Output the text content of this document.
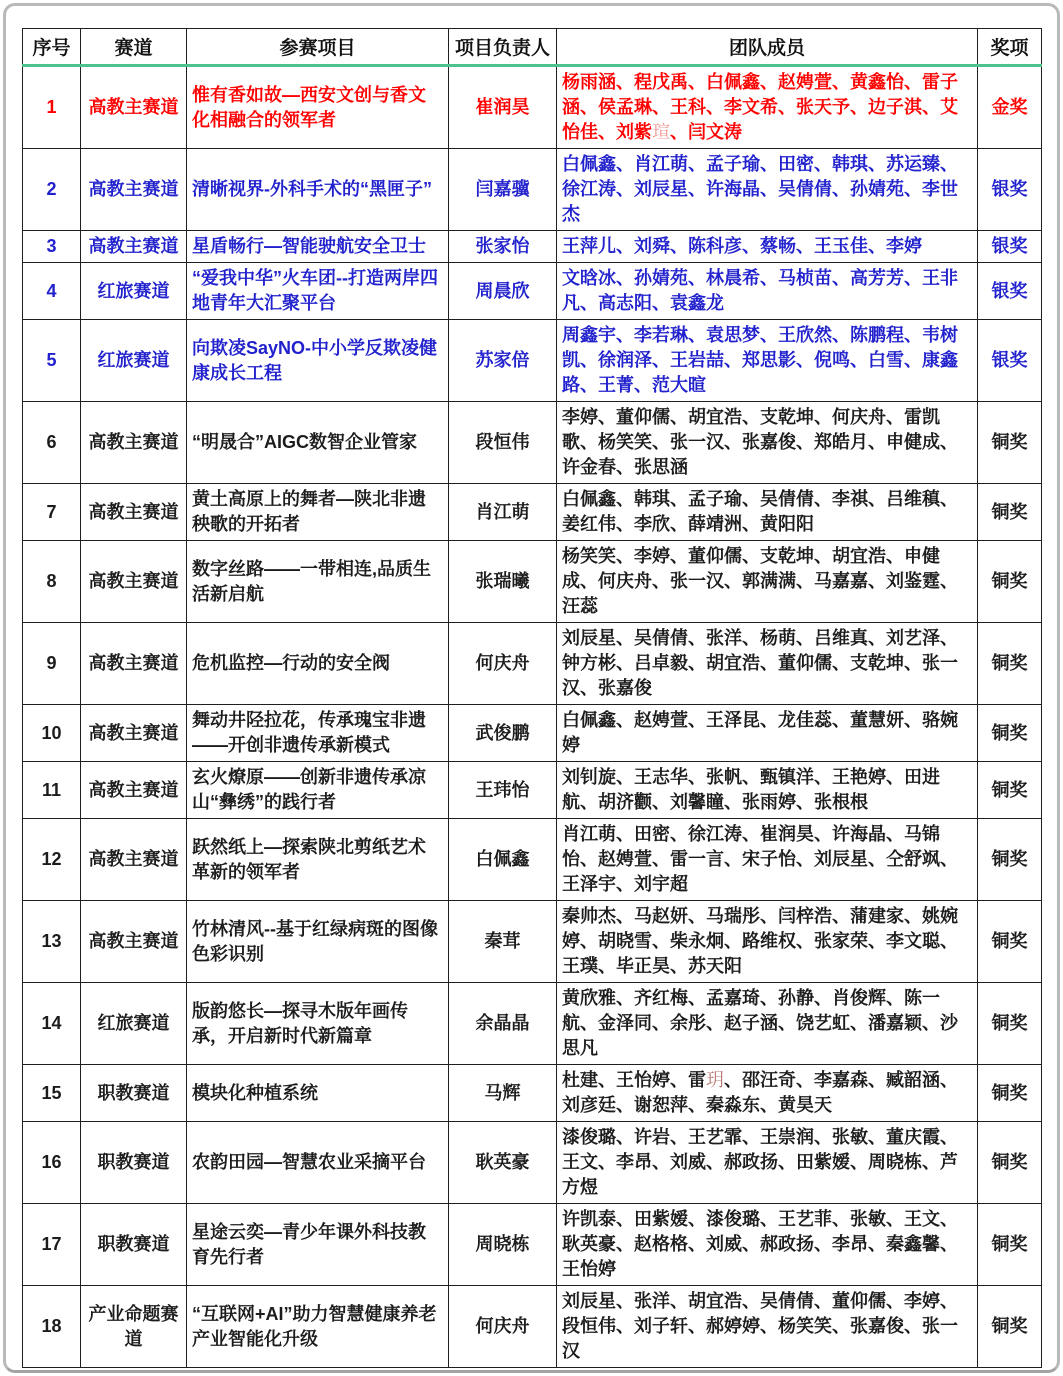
序号	赛道	参赛项目	项目负责人	团队成员	奖项
1	高教主赛道	惟有香如故—西安文创与香文化相融合的领军者	崔润昊	杨雨涵、程戊禹、白佩鑫、赵娉萱、黄鑫怡、雷子涵、侯孟琳、王科、李文希、张天予、边子淇、艾怡佳、刘紫瑄、闫文涛	金奖
2	高教主赛道	清晰视界-外科手术的“黑匣子”	闫嘉骥	白佩鑫、肖江萌、孟子瑜、田密、韩琪、苏运臻、徐江涛、刘辰星、许海晶、吴倩倩、孙婧苑、李世杰	银奖
3	高教主赛道	星盾畅行—智能驶航安全卫士	张家怡	王萍儿、刘舜、陈科彦、蔡畅、王玉佳、李婷	银奖
4	红旅赛道	“爱我中华”火车团--打造两岸四地青年大汇聚平台	周晨欣	文晗冰、孙婧苑、林晨希、马桢苗、高芳芳、王非凡、高志阳、袁鑫龙	银奖
5	红旅赛道	向欺凌SayNO-中小学反欺凌健康成长工程	苏家倍	周鑫宇、李若琳、袁思梦、王欣然、陈鹏程、韦树凯、徐润泽、王岩喆、郑思影、倪鸣、白雪、康鑫路、王菁、范大暄	银奖
6	高教主赛道	“明晟合”AIGC数智企业管家	段恒伟	李婷、董仰儒、胡宜浩、支乾坤、何庆舟、雷凯歌、杨笑笑、张一汉、张嘉俊、郑皓月、申健成、许金春、张思涵	铜奖
7	高教主赛道	黄土高原上的舞者—陕北非遗秧歌的开拓者	肖江萌	白佩鑫、韩琪、孟子瑜、吴倩倩、李祺、吕维稹、姜红伟、李欣、薛靖洲、黄阳阳	铜奖
8	高教主赛道	数字丝路——一带相连,品质生活新启航	张瑞曦	杨笑笑、李婷、董仰儒、支乾坤、胡宜浩、申健成、何庆舟、张一汉、郭满满、马嘉嘉、刘鉴霆、汪蕊	铜奖
9	高教主赛道	危机监控—行动的安全阀	何庆舟	刘辰星、吴倩倩、张洋、杨萌、吕维真、刘艺泽、钟方彬、吕卓毅、胡宜浩、董仰儒、支乾坤、张一汉、张嘉俊	铜奖
10	高教主赛道	舞动井陉拉花，传承瑰宝非遗——开创非遗传承新模式	武俊鹏	白佩鑫、赵娉萱、王泽昆、龙佳蕊、董慧妍、骆婉婷	铜奖
11	高教主赛道	玄火燎原——创新非遗传承凉山“彝绣”的践行者	王玮怡	刘钊旋、王志华、张帆、甄镇洋、王艳婷、田进航、胡济颧、刘馨瞳、张雨婷、张根根	铜奖
12	高教主赛道	跃然纸上—探索陕北剪纸艺术革新的领军者	白佩鑫	肖江萌、田密、徐江涛、崔润昊、许海晶、马锦怡、赵娉萱、雷一言、宋子怡、刘辰星、仝舒飒、王泽宇、刘宇超	铜奖
13	高教主赛道	竹林清风--基于红绿病斑的图像色彩识别	秦茸	秦帅杰、马赵妍、马瑞彤、闫梓浩、蒲建家、姚婉婷、胡晓雪、柴永炯、路维权、张家荣、李文聪、王璞、毕正昊、苏天阳	铜奖
14	红旅赛道	版韵悠长—探寻木版年画传承，开启新时代新篇章	余晶晶	黄欣雅、齐红梅、孟嘉琦、孙静、肖俊辉、陈一航、金泽同、余彤、赵子涵、饶艺虹、潘嘉颖、沙思凡	铜奖
15	职教赛道	模块化种植系统	马辉	杜建、王怡婷、雷玥、邵汪奇、李嘉森、臧韶涵、刘彦廷、谢恕萍、秦淼东、黄昊天	铜奖
16	职教赛道	农韵田园—智慧农业采摘平台	耿英豪	漆俊璐、许岩、王艺霏、王崇润、张敏、董庆霞、王文、李昂、刘威、郝政扬、田紫嫒、周晓栋、芦方煜	铜奖
17	职教赛道	星途云奕—青少年课外科技教育先行者	周晓栋	许凯泰、田紫嫒、漆俊璐、王艺菲、张敏、王文、耿英豪、赵格格、刘威、郝政扬、李昂、秦鑫馨、王怡婷	铜奖
18	产业命题赛道	“互联网+AI”助力智慧健康养老产业智能化升级	何庆舟	刘辰星、张洋、胡宜浩、吴倩倩、董仰儒、李婷、段恒伟、刘子轩、郝婷婷、杨笑笑、张嘉俊、张一汉	铜奖
